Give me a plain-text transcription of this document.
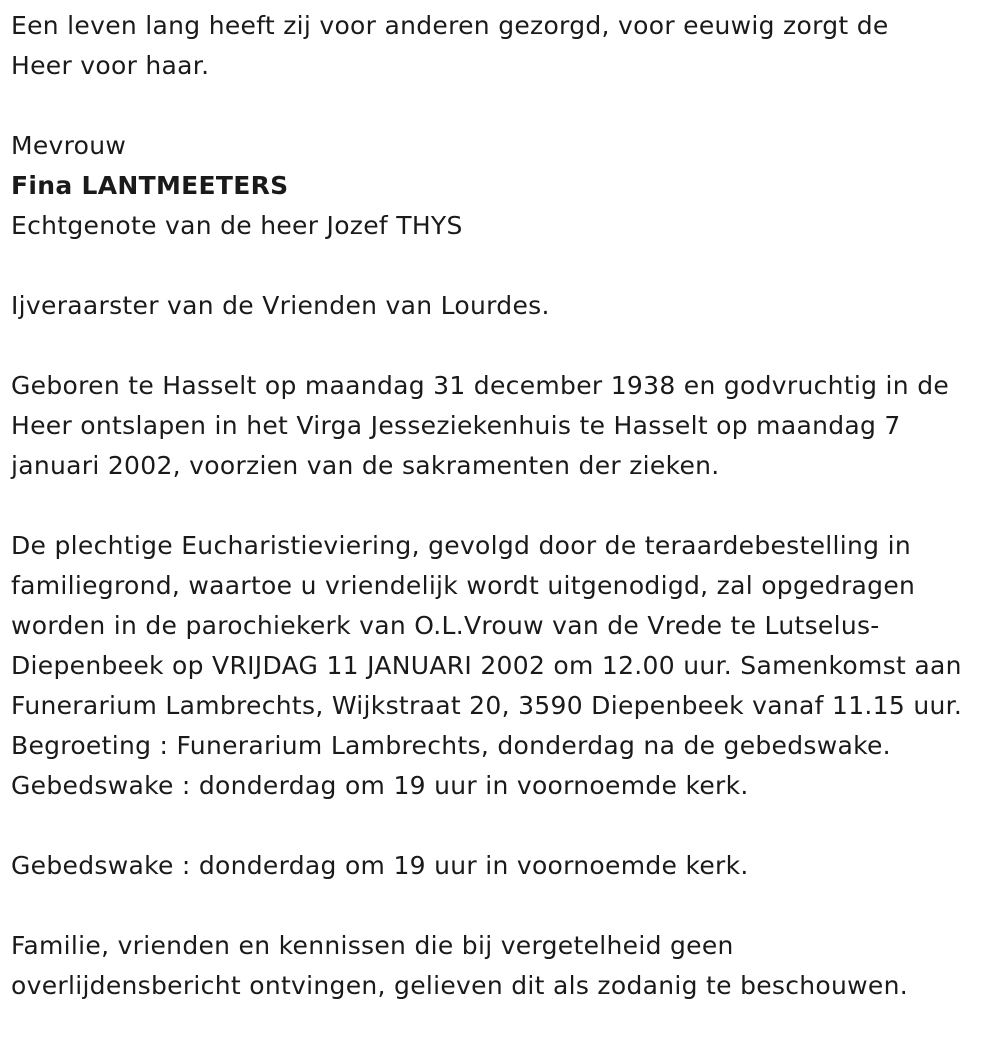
Een leven lang heeft zij voor anderen gezorgd, voor eeuwig zorgt de

Heer voor haar.

Mevrouw

Fina LANTMEETERS

Echtgenote van de heer Jozef THYS

Ijveraarster van de Vrienden van Lourdes.

Geboren te Hasselt op maandag 31 december 1938 en godvruchtig in de

Heer ontslapen in het Virga Jesseziekenhuis te Hasselt op maandag 7

januari 2002, voorzien van de sakramenten der zieken.

De plechtige Eucharistieviering, gevolgd door de teraardebestelling in

familiegrond, waartoe u vriendelijk wordt uitgenodigd, zal opgedragen

worden in de parochiekerk van O.L.Vrouw van de Vrede te Lutselus-

Diepenbeek op VRIJDAG 11 JANUARI 2002 om 12.00 uur. Samenkomst aan

Funerarium Lambrechts, Wijkstraat 20, 3590 Diepenbeek vanaf 11.15 uur.

Begroeting : Funerarium Lambrechts, donderdag na de gebedswake.

Gebedswake : donderdag om 19 uur in voornoemde kerk.

Gebedswake : donderdag om 19 uur in voornoemde kerk.

Familie, vrienden en kennissen die bij vergetelheid geen

overlijdensbericht ontvingen, gelieven dit als zodanig te beschouwen.
